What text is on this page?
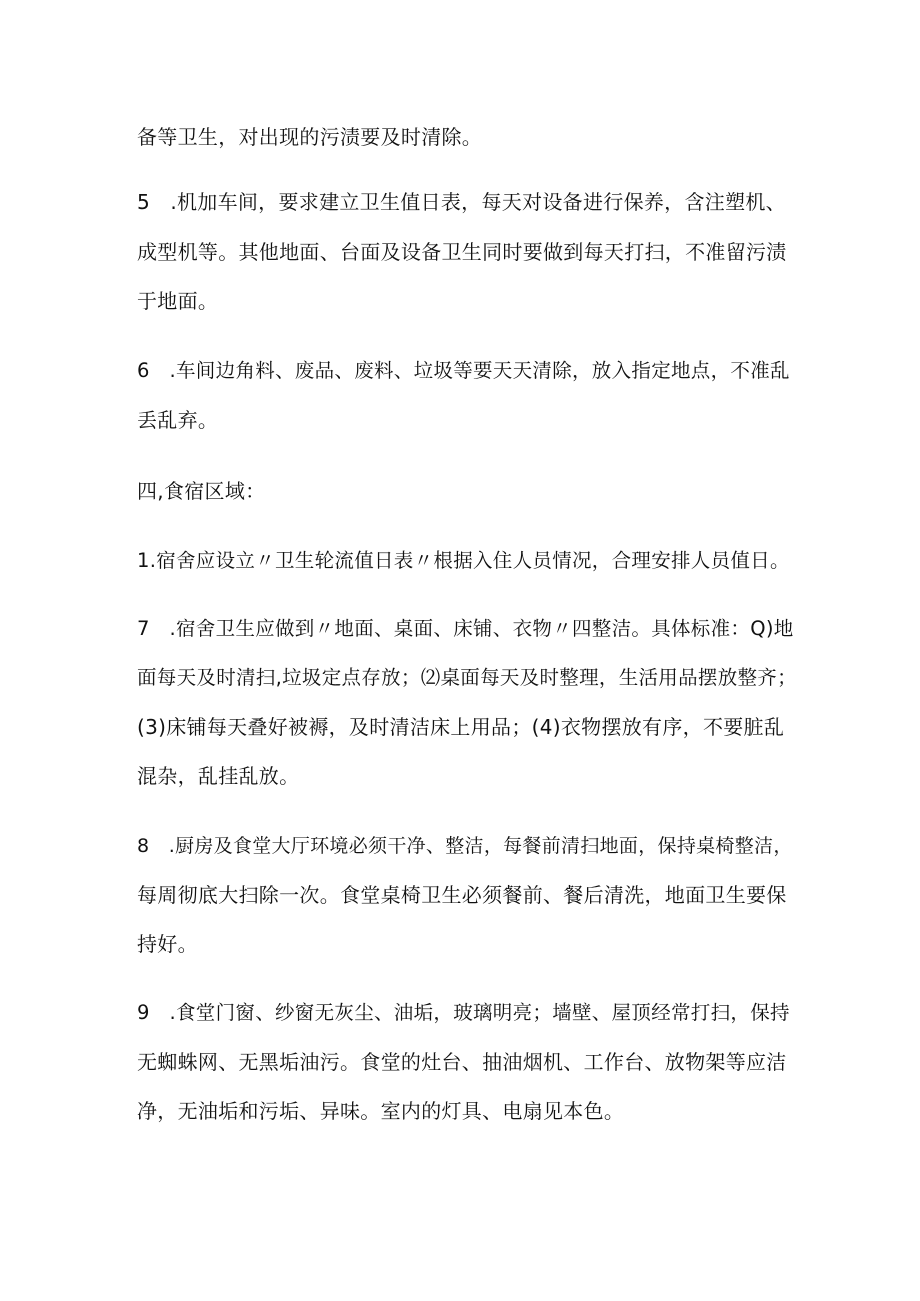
备等卫生，对出现的污渍要及时清除。
5　.机加车间，要求建立卫生值日表，每天对设备进行保养，含注塑机、
成型机等。其他地面、台面及设备卫生同时要做到每天打扫，不准留污渍
于地面。
6　.车间边角料、废品、废料、垃圾等要天天清除，放入指定地点，不准乱
丢乱弃。
四,食宿区域：
1.宿舍应设立〃卫生轮流值日表〃根据入住人员情况，合理安排人员值日。
7　.宿舍卫生应做到〃地面、桌面、床铺、衣物〃四整洁。具体标准：Q)地
面每天及时清扫,垃圾定点存放；⑵桌面每天及时整理，生活用品摆放整齐；
(3)床铺每天叠好被褥，及时清洁床上用品；(4)衣物摆放有序，不要脏乱
混杂，乱挂乱放。
8　.厨房及食堂大厅环境必须干净、整洁，每餐前清扫地面，保持桌椅整洁，
每周彻底大扫除一次。食堂桌椅卫生必须餐前、餐后清洗，地面卫生要保
持好。
9　.食堂门窗、纱窗无灰尘、油垢，玻璃明亮；墙壁、屋顶经常打扫，保持
无蜘蛛网、无黑垢油污。食堂的灶台、抽油烟机、工作台、放物架等应洁
净，无油垢和污垢、异味。室内的灯具、电扇见本色。
